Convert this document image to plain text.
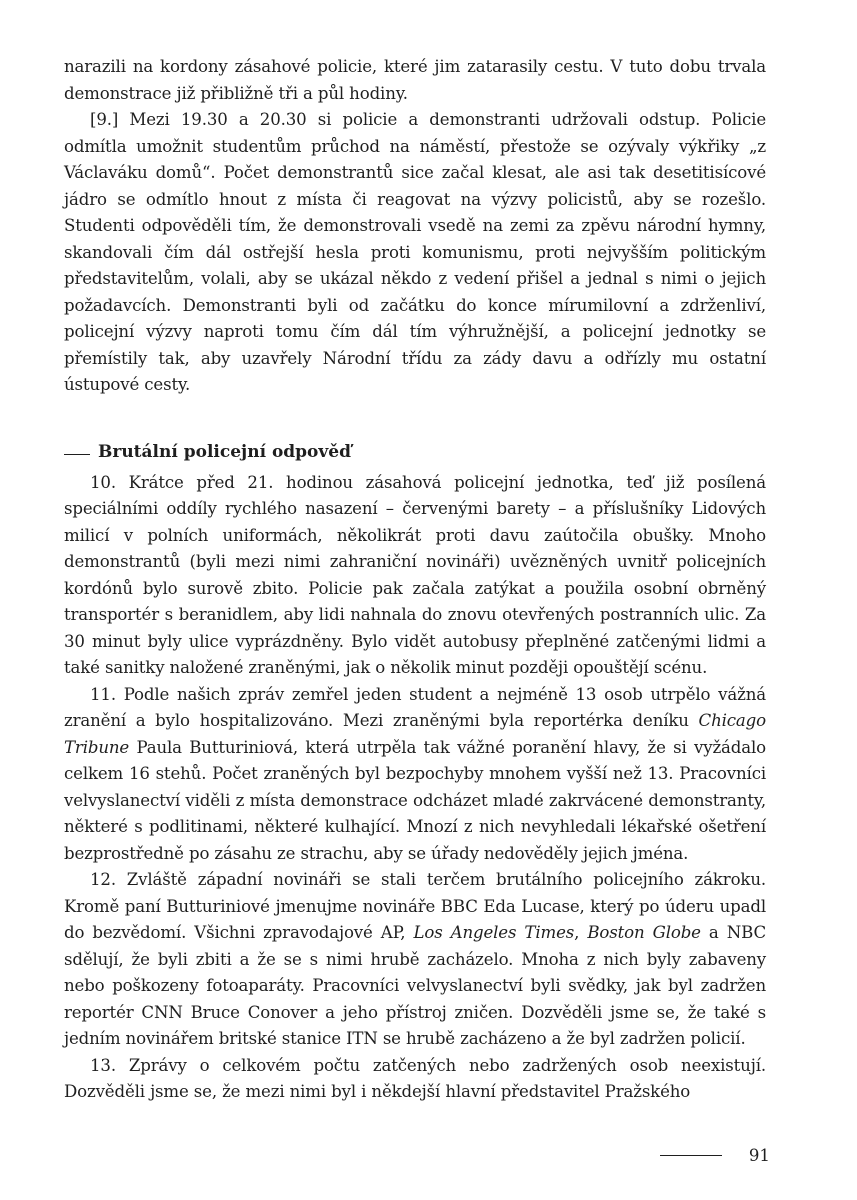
narazili na kordony zásahové policie, které jim zatarasily cestu. V tuto dobu trvala demonstrace již přibližně tři a půl hodiny.

[9.] Mezi 19.30 a 20.30 si policie a demonstranti udržovali odstup. Policie odmítla umožnit studentům průchod na náměstí, přestože se ozývaly výkřiky „z Václaváku domů“. Počet demonstrantů sice začal klesat, ale asi tak desetitisícové jádro se odmítlo hnout z místa či reagovat na výzvy policistů, aby se rozešlo. Studenti odpověděli tím, že demonstrovali vsedě na zemi za zpěvu národní hymny, skandovali čím dál ostřejší hesla proti komunismu, proti nejvyšším politickým představitelům, volali, aby se ukázal někdo z vedení přišel a jednal s nimi o jejich požadavcích. Demonstranti byli od začátku do konce mírumilovní a zdrženliví, policejní výzvy naproti tomu čím dál tím výhružnější, a policejní jednotky se přemístily tak, aby uzavřely Národní třídu za zády davu a odřízly mu ostatní ústupové cesty.

Brutální policejní odpověď

10. Krátce před 21. hodinou zásahová policejní jednotka, teď již posílená speciálními oddíly rychlého nasazení – červenými barety – a příslušníky Lidových milicí v polních uniformách, několikrát proti davu zaútočila obušky. Mnoho demonstrantů (byli mezi nimi zahraniční novináři) uvězněných uvnitř policejních kordónů bylo surově zbito. Policie pak začala zatýkat a použila osobní obrněný transportér s beranidlem, aby lidi nahnala do znovu otevřených postranních ulic. Za 30 minut byly ulice vyprázdněny. Bylo vidět autobusy přeplněné zatčenými lidmi a také sanitky naložené zraněnými, jak o několik minut později opouštějí scénu.

11. Podle našich zpráv zemřel jeden student a nejméně 13 osob utrpělo vážná zranění a bylo hospitalizováno. Mezi zraněnými byla reportérka deníku Chicago Tribune Paula Butturiniová, která utrpěla tak vážné poranění hlavy, že si vyžádalo celkem 16 stehů. Počet zraněných byl bezpochyby mnohem vyšší než 13. Pracovníci velvyslanectví viděli z místa demonstrace odcházet mladé zakrvácené demonstranty, některé s podlitinami, některé kulhající. Mnozí z nich nevyhledali lékařské ošetření bezprostředně po zásahu ze strachu, aby se úřady nedověděly jejich jména.

12. Zvláště západní novináři se stali terčem brutálního policejního zákroku. Kromě paní Butturiniové jmenujme novináře BBC Eda Lucase, který po úderu upadl do bezvědomí. Všichni zpravodajové AP, Los Angeles Times, Boston Globe a NBC sdělují, že byli zbiti a že se s nimi hrubě zacházelo. Mnoha z nich byly zabaveny nebo poškozeny fotoaparáty. Pracovníci velvyslanectví byli svědky, jak byl zadržen reportér CNN Bruce Conover a jeho přístroj zničen. Dozvěděli jsme se, že také s jedním novinářem britské stanice ITN se hrubě zacházeno a že byl zadržen policií.

13. Zprávy o celkovém počtu zatčených nebo zadržených osob neexistují. Dozvěděli jsme se, že mezi nimi byl i někdejší hlavní představitel Pražského

91
